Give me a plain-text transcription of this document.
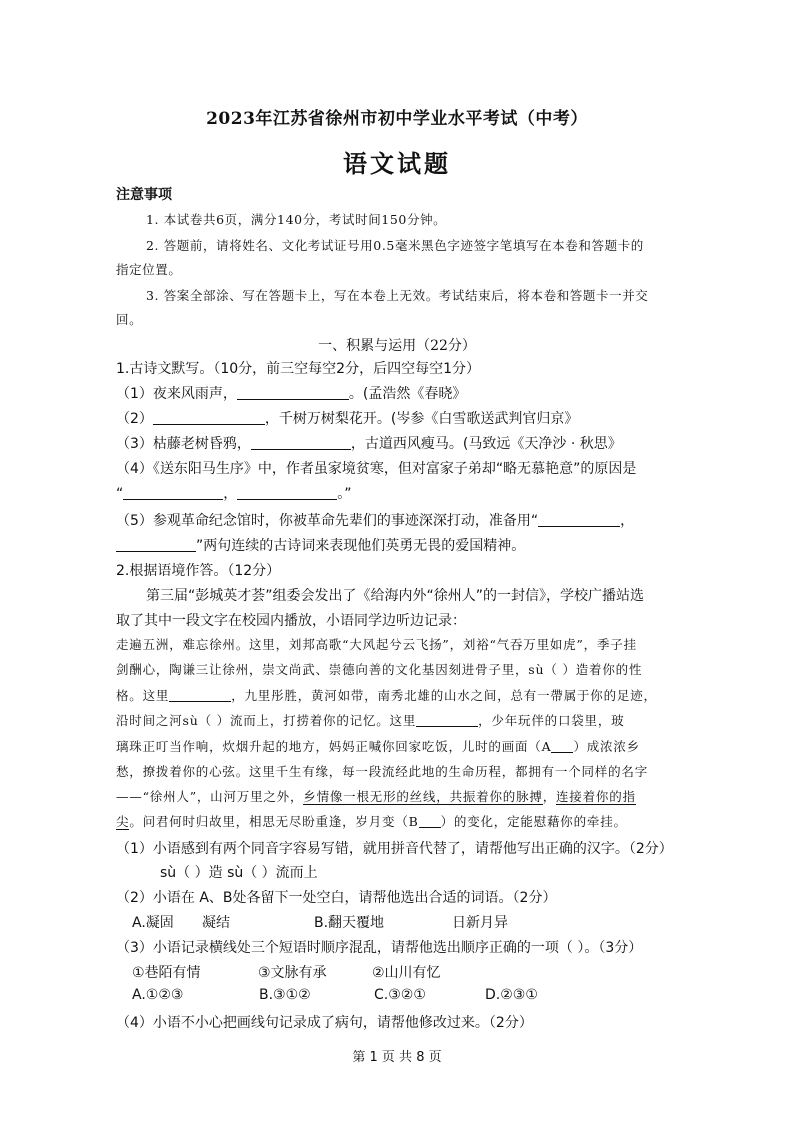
2023年江苏省徐州市初中学业水平考试（中考）
语文试题
注意事项
1. 本试卷共6页，满分140分，考试时间150分钟。
2. 答题前，请将姓名、文化考试证号用0.5毫米黑色字迹签字笔填写在本卷和答题卡的
指定位置。
3. 答案全部涂、写在答题卡上，写在本卷上无效。考试结束后，将本卷和答题卡一并交
回。
一、积累与运用（22分）
1.古诗文默写。（10分，前三空每空2分，后四空每空1分）
（1）夜来风雨声，	。(孟浩然《春晓》
（2）	，千树万树梨花开。(岑参《白雪歌送武判官归京》
（3）枯藤老树昏鸦，	，古道西风瘦马。(马致远《天净沙 · 秋思》
（4）《送东阳马生序》中，作者虽家境贫寒，但对富家子弟却“略无慕艳意”的原因是
“	，	。”
（5）参观革命纪念馆时，你被革命先辈们的事迹深深打动，准备用“	，
”两句连续的古诗词来表现他们英勇无畏的爱国精神。
2.根据语境作答。（12分）
第三届“彭城英才荟”组委会发出了《给海内外“徐州人”的一封信》，学校广播站选
取了其中一段文字在校园内播放，小语同学边听边记录：
走遍五洲，难忘徐州。这里，刘邦高歌“大风起兮云飞扬”，刘裕“气吞万里如虎”，季子挂
剑酬心，陶谦三让徐州，崇文尚武、崇德向善的文化基因刻进骨子里，sù（ ）造着你的性
格。这里	，九里彤胜，黄河如带，南秀北雄的山水之间，总有一帶属于你的足迹，
沿时间之河sù（ ）流而上，打捞着你的记忆。这里	，少年玩伴的口袋里，玻
璃珠正叮当作响，炊烟升起的地方，妈妈正喊你回家吃饭，儿时的画面（A ）成浓浓乡
愁，撩拨着你的心弦。这里千生有缘，每一段流经此地的生命历程，都拥有一个同样的名字
——“徐州人”，山河万里之外，乡情像一根无形的丝线，共振着你的脉搏，连接着你的指
尖。问君何时归故里，相思无尽盼重逢，岁月变（B ）的变化，定能慰藉你的牵挂。
（1）小语感到有两个同音字容易写错，就用拼音代替了，请帮他写出正确的汉字。（2分）
sù（ ）造 sù（ ）流而上
（2）小语在 A、B处各留下一处空白，请帮他选出合适的词语。（2分）
A.凝固 凝结	B.翻天覆地	日新月异
（3）小语记录横线处三个短语时顺序混乱，请帮他选出顺序正确的一项（ ）。（3分）
①巷陌有情	③文脉有承	②山川有忆
A.①②③	B.③①②	C.③②①	D.②③①
（4）小语不小心把画线句记录成了病句，请帮他修改过来。（2分）
第 1 页 共 8 页
